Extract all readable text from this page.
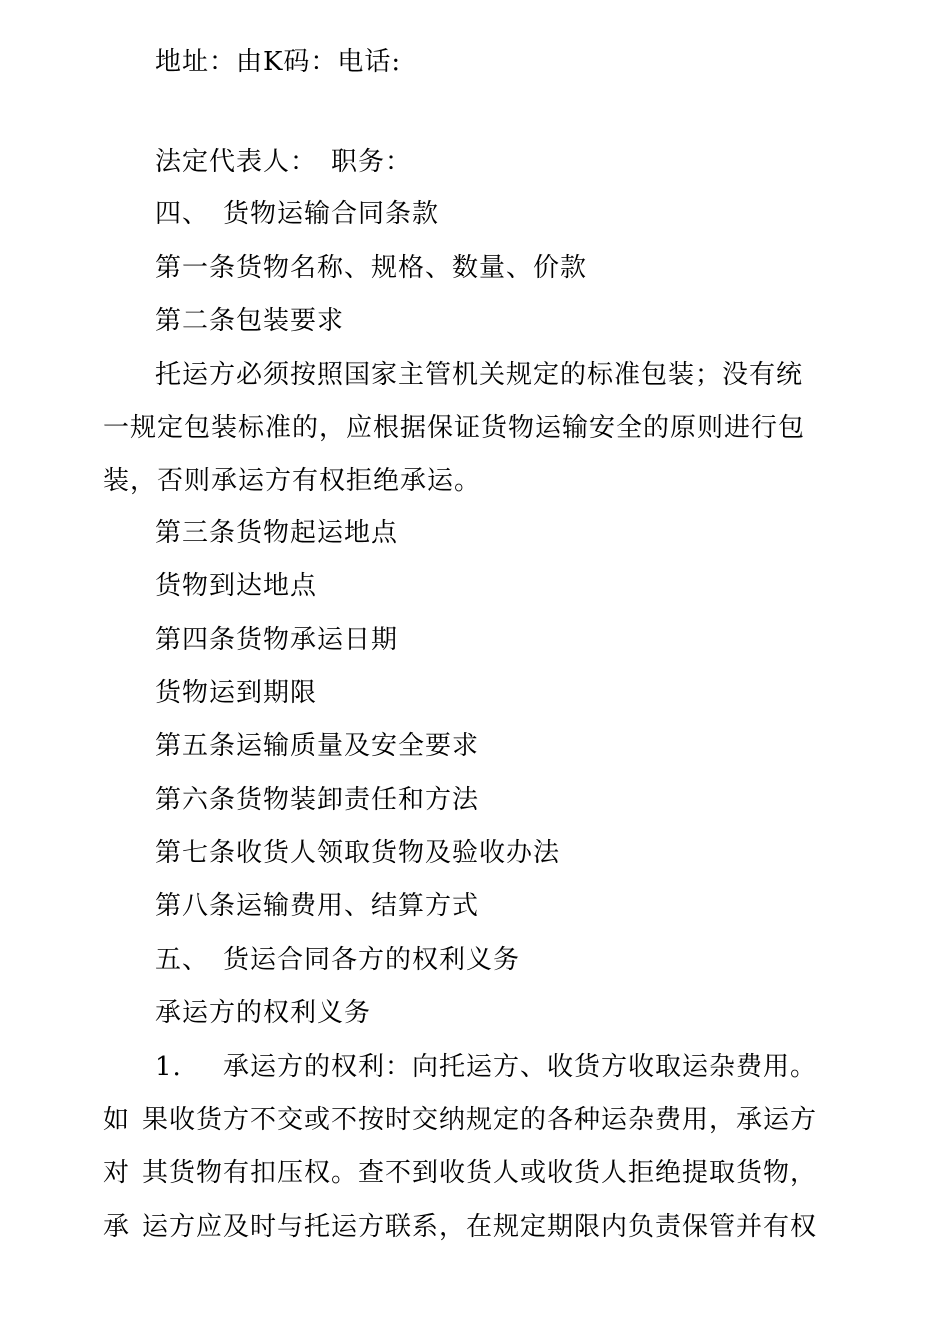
地址：由K码：电话:
法定代表人：　职务：
四、　货物运输合同条款
第一条货物名称、规格、数量、价款
第二条包装要求
托运方必须按照国家主管机关规定的标准包装；没有统
一规定包装标准的，应根据保证货物运输安全的原则进行包
装，否则承运方有权拒绝承运。
第三条货物起运地点
货物到达地点
第四条货物承运日期
货物运到期限
第五条运输质量及安全要求
第六条货物装卸责任和方法
第七条收货人领取货物及验收办法
第八条运输费用、结算方式
五、　货运合同各方的权利义务
承运方的权利义务
1. 承运方的权利：向托运方、收货方收取运杂费用。
如 果收货方不交或不按时交纳规定的各种运杂费用，承运方
对 其货物有扣压权。查不到收货人或收货人拒绝提取货物，
承 运方应及时与托运方联系，在规定期限内负责保管并有权
